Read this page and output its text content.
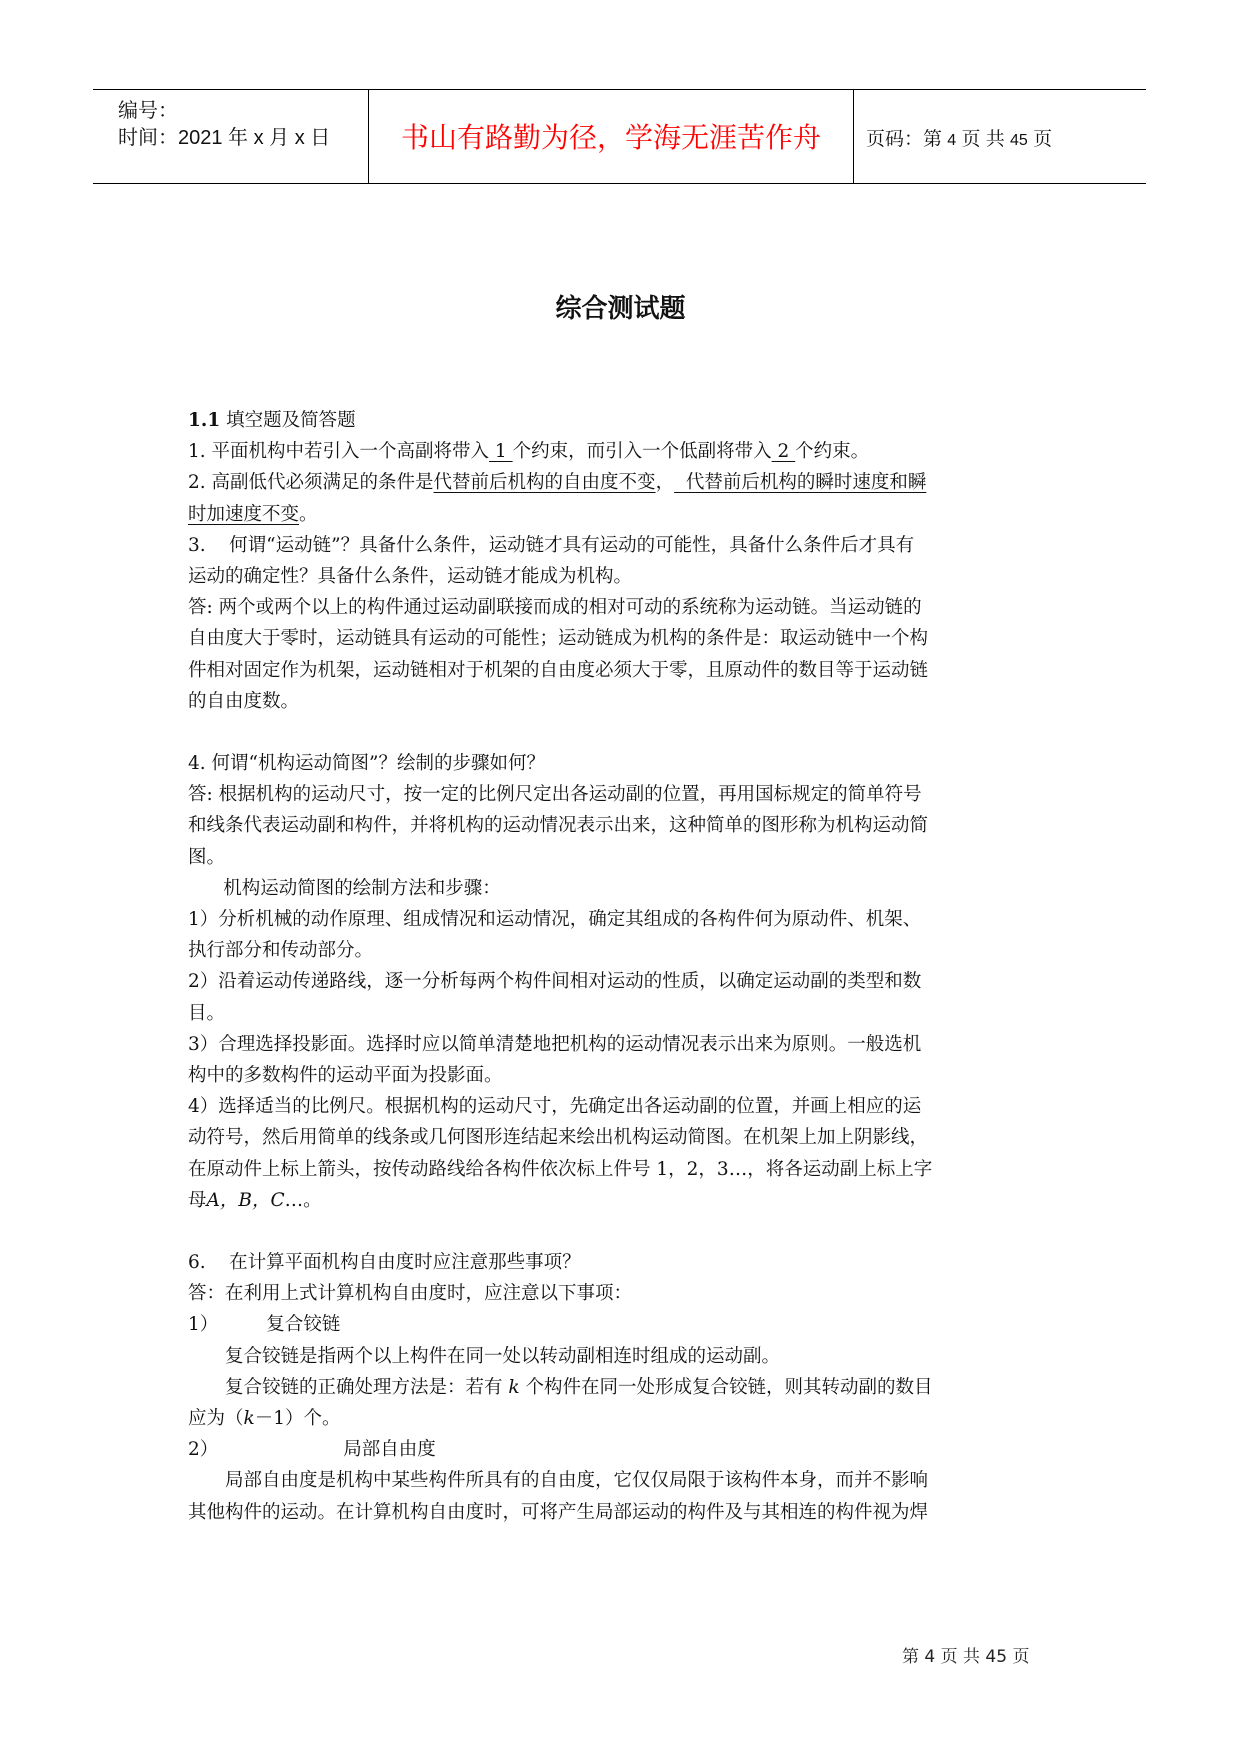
编号：
时间：2021 年 x 月 x 日	书山有路勤为径，学海无涯苦作舟	页码：第 4 页 共 45 页
综合测试题
1.1 填空题及简答题
1. 平面机构中若引入一个高副将带入 1 个约束，而引入一个低副将带入 2 个约束。
2. 高副低代必须满足的条件是代替前后机构的自由度不变，  代替前后机构的瞬时速度和瞬
时加速度不变。
3.    何谓“运动链”？具备什么条件，运动链才具有运动的可能性，具备什么条件后才具有
运动的确定性？具备什么条件，运动链才能成为机构。
答: 两个或两个以上的构件通过运动副联接而成的相对可动的系统称为运动链。当运动链的
自由度大于零时，运动链具有运动的可能性；运动链成为机构的条件是：取运动链中一个构
件相对固定作为机架，运动链相对于机架的自由度必须大于零，且原动件的数目等于运动链
的自由度数。
4. 何谓“机构运动简图”？绘制的步骤如何？
答: 根据机构的运动尺寸，按一定的比例尺定出各运动副的位置，再用国标规定的简单符号
和线条代表运动副和构件，并将机构的运动情况表示出来，这种简单的图形称为机构运动简
图。
机构运动简图的绘制方法和步骤：
1）分析机械的动作原理、组成情况和运动情况，确定其组成的各构件何为原动件、机架、
执行部分和传动部分。
2）沿着运动传递路线，逐一分析每两个构件间相对运动的性质，以确定运动副的类型和数
目。
3）合理选择投影面。选择时应以简单清楚地把机构的运动情况表示出来为原则。一般选机
构中的多数构件的运动平面为投影面。
4）选择适当的比例尺。根据机构的运动尺寸，先确定出各运动副的位置，并画上相应的运
动符号，然后用简单的线条或几何图形连结起来绘出机构运动简图。在机架上加上阴影线，
在原动件上标上箭头，按传动路线给各构件依次标上件号 1，2，3…，将各运动副上标上字
母A，B，C…。
6.    在计算平面机构自由度时应注意那些事项？
答：在利用上式计算机构自由度时，应注意以下事项：
1）	复合铰链
复合铰链是指两个以上构件在同一处以转动副相连时组成的运动副。
复合铰链的正确处理方法是：若有 k 个构件在同一处形成复合铰链，则其转动副的数目
应为（k－1）个。
2）	局部自由度
局部自由度是机构中某些构件所具有的自由度，它仅仅局限于该构件本身，而并不影响
其他构件的运动。在计算机构自由度时，可将产生局部运动的构件及与其相连的构件视为焊
第 4 页 共 45 页
